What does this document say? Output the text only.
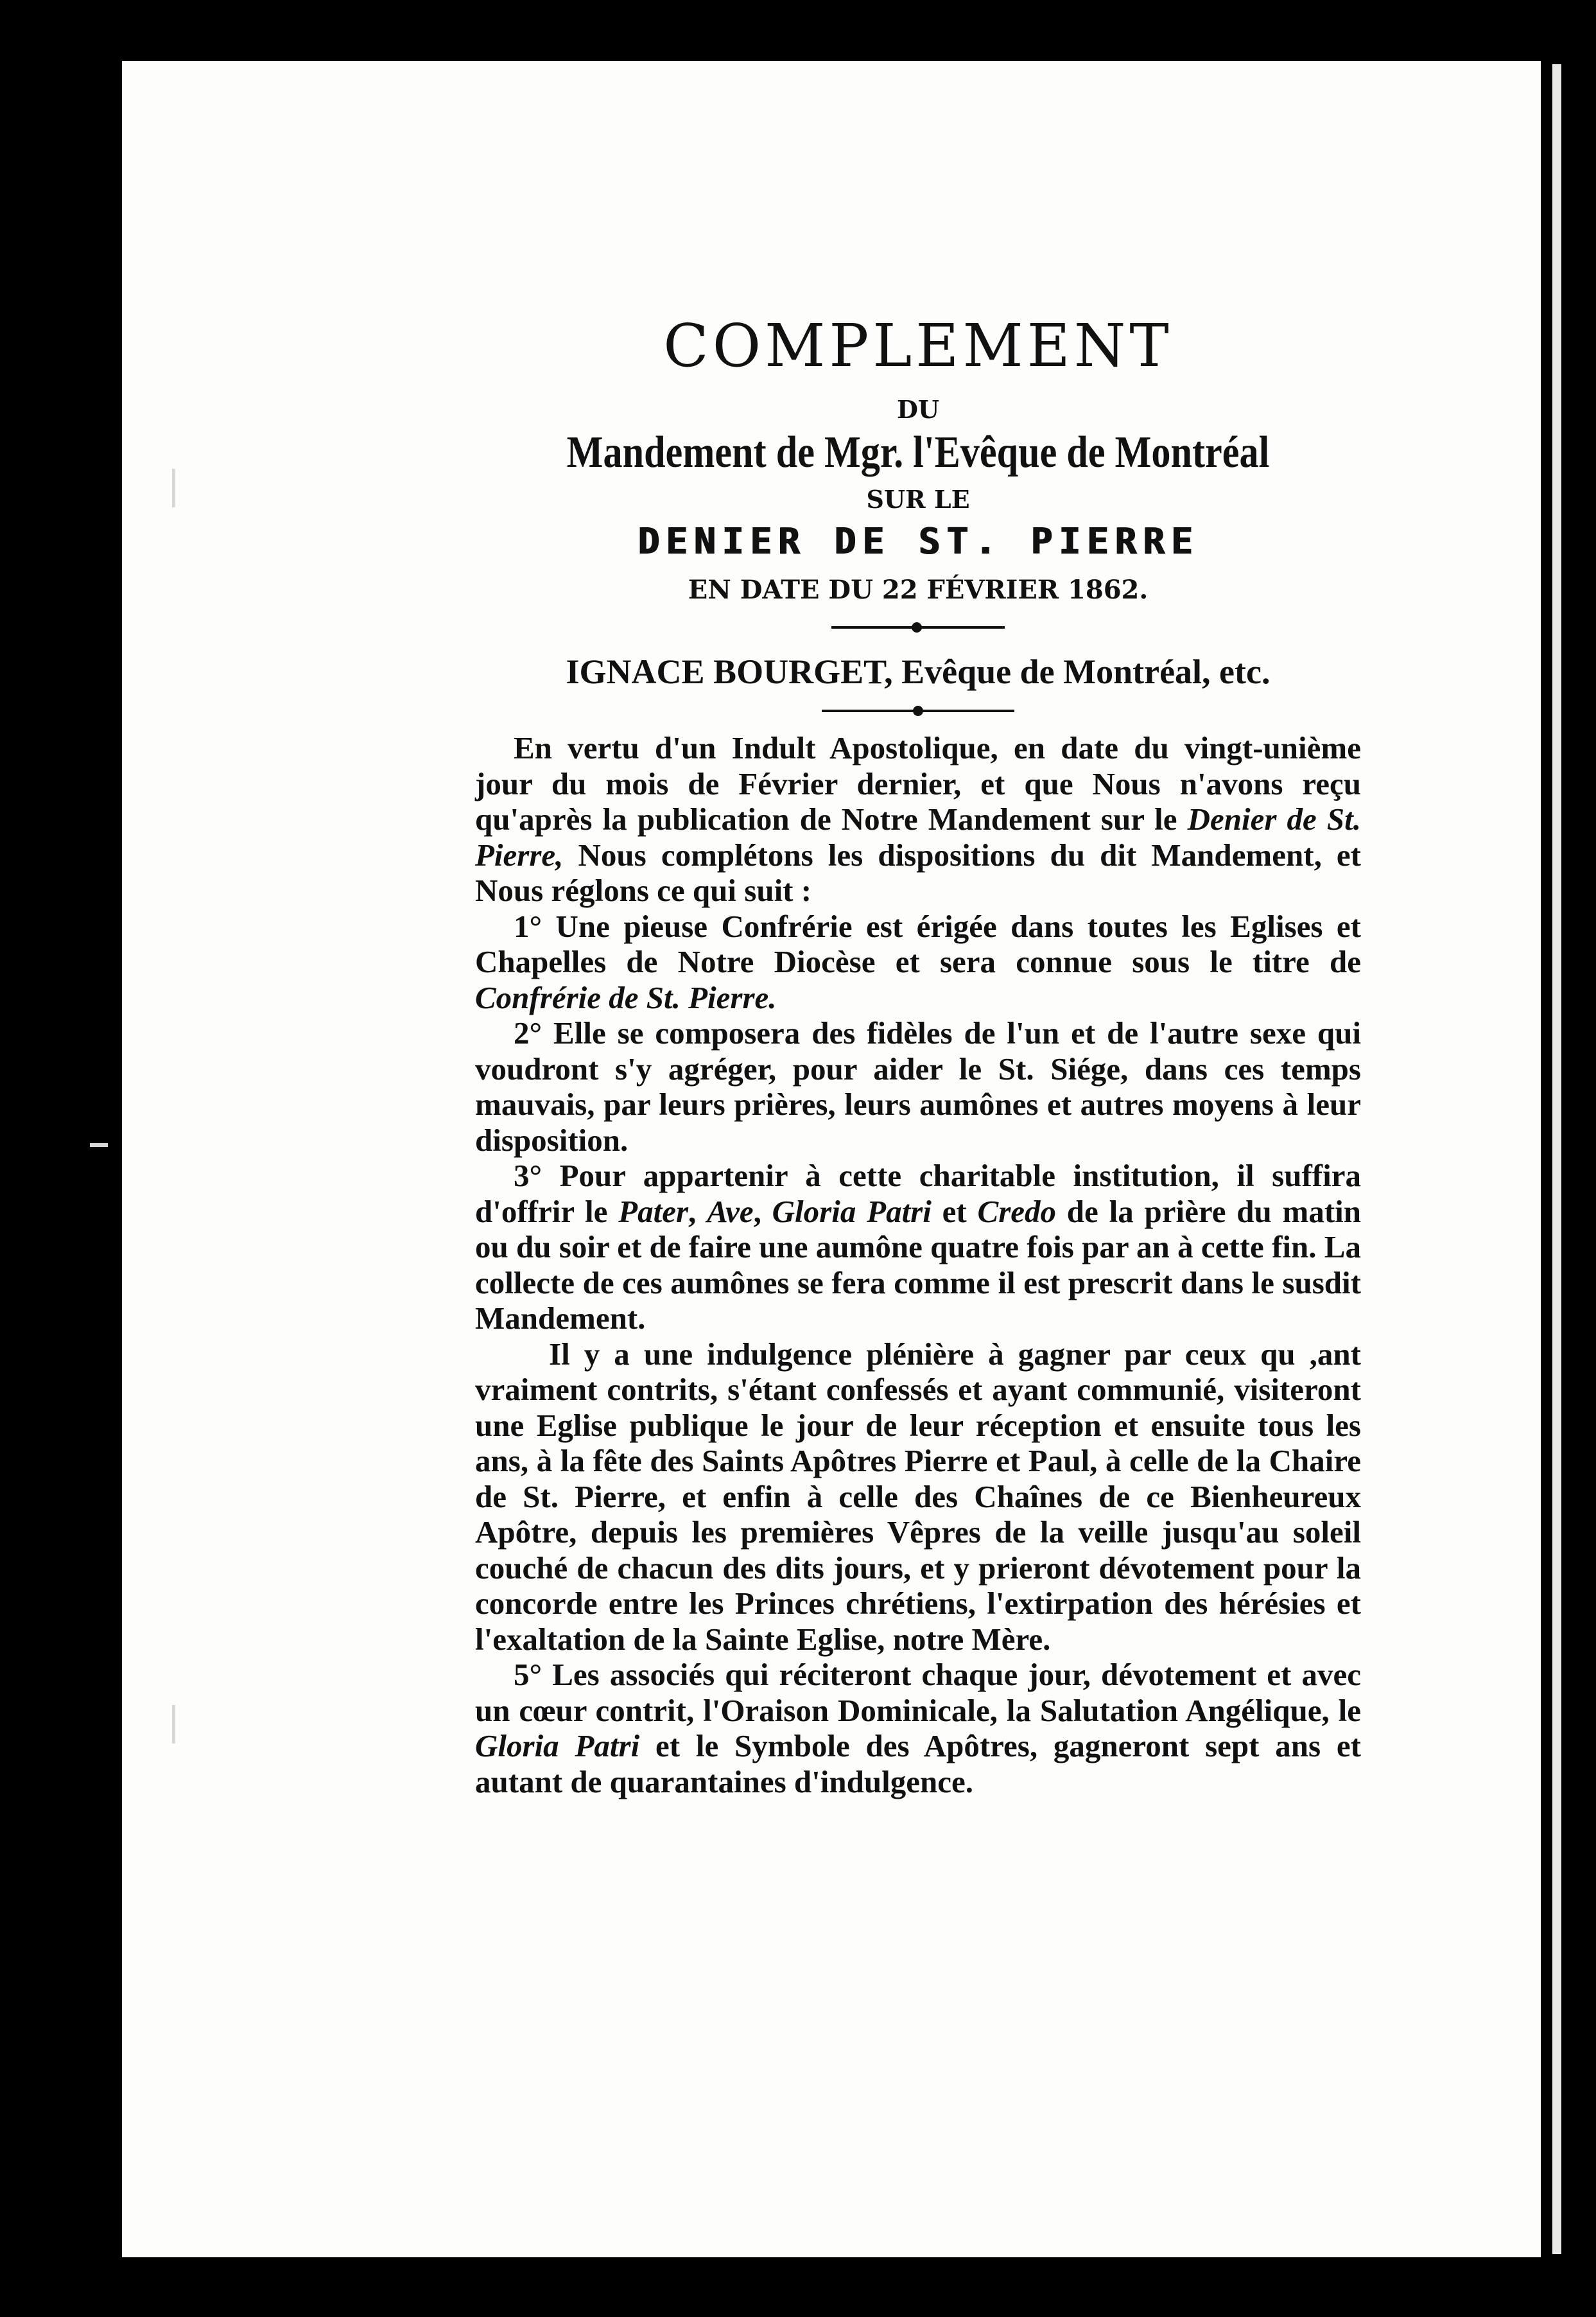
COMPLEMENT
DU
Mandement de Mgr. l'Evêque de Montréal
SUR LE
DENIER DE ST. PIERRE
EN DATE DU 22 FÉVRIER 1862.
IGNACE BOURGET, Evêque de Montréal, etc.

En vertu d'un Indult Apostolique, en date du vingt-unième jour du mois de Février dernier, et que Nous n'avons reçu qu'après la publication de Notre Mandement sur le Denier de St. Pierre, Nous complétons les dispositions du dit Mandement, et Nous réglons ce qui suit :

1° Une pieuse Confrérie est érigée dans toutes les Eglises et Chapelles de Notre Diocèse et sera connue sous le titre de Confrérie de St. Pierre.

2° Elle se composera des fidèles de l'un et de l'autre sexe qui voudront s'y agréger, pour aider le St. Siége, dans ces temps mauvais, par leurs prières, leurs aumônes et autres moyens à leur disposition.

3° Pour appartenir à cette charitable institution, il suffira d'offrir le Pater, Ave, Gloria Patri et Credo de la prière du matin ou du soir et de faire une aumône quatre fois par an à cette fin. La collecte de ces aumônes se fera comme il est prescrit dans le susdit Mandement.

Il y a une indulgence plénière à gagner par ceux qu ,ant vraiment contrits, s'étant confessés et ayant communié, visiteront une Eglise publique le jour de leur réception et ensuite tous les ans, à la fête des Saints Apôtres Pierre et Paul, à celle de la Chaire de St. Pierre, et enfin à celle des Chaînes de ce Bienheureux Apôtre, depuis les premières Vêpres de la veille jusqu'au soleil couché de chacun des dits jours, et y prieront dévotement pour la concorde entre les Princes chrétiens, l'extirpation des hérésies et l'exaltation de la Sainte Eglise, notre Mère.

5° Les associés qui réciteront chaque jour, dévotement et avec un cœur contrit, l'Oraison Dominicale, la Salutation Angélique, le Gloria Patri et le Symbole des Apôtres, gagneront sept ans et autant de quarantaines d'indulgence.
